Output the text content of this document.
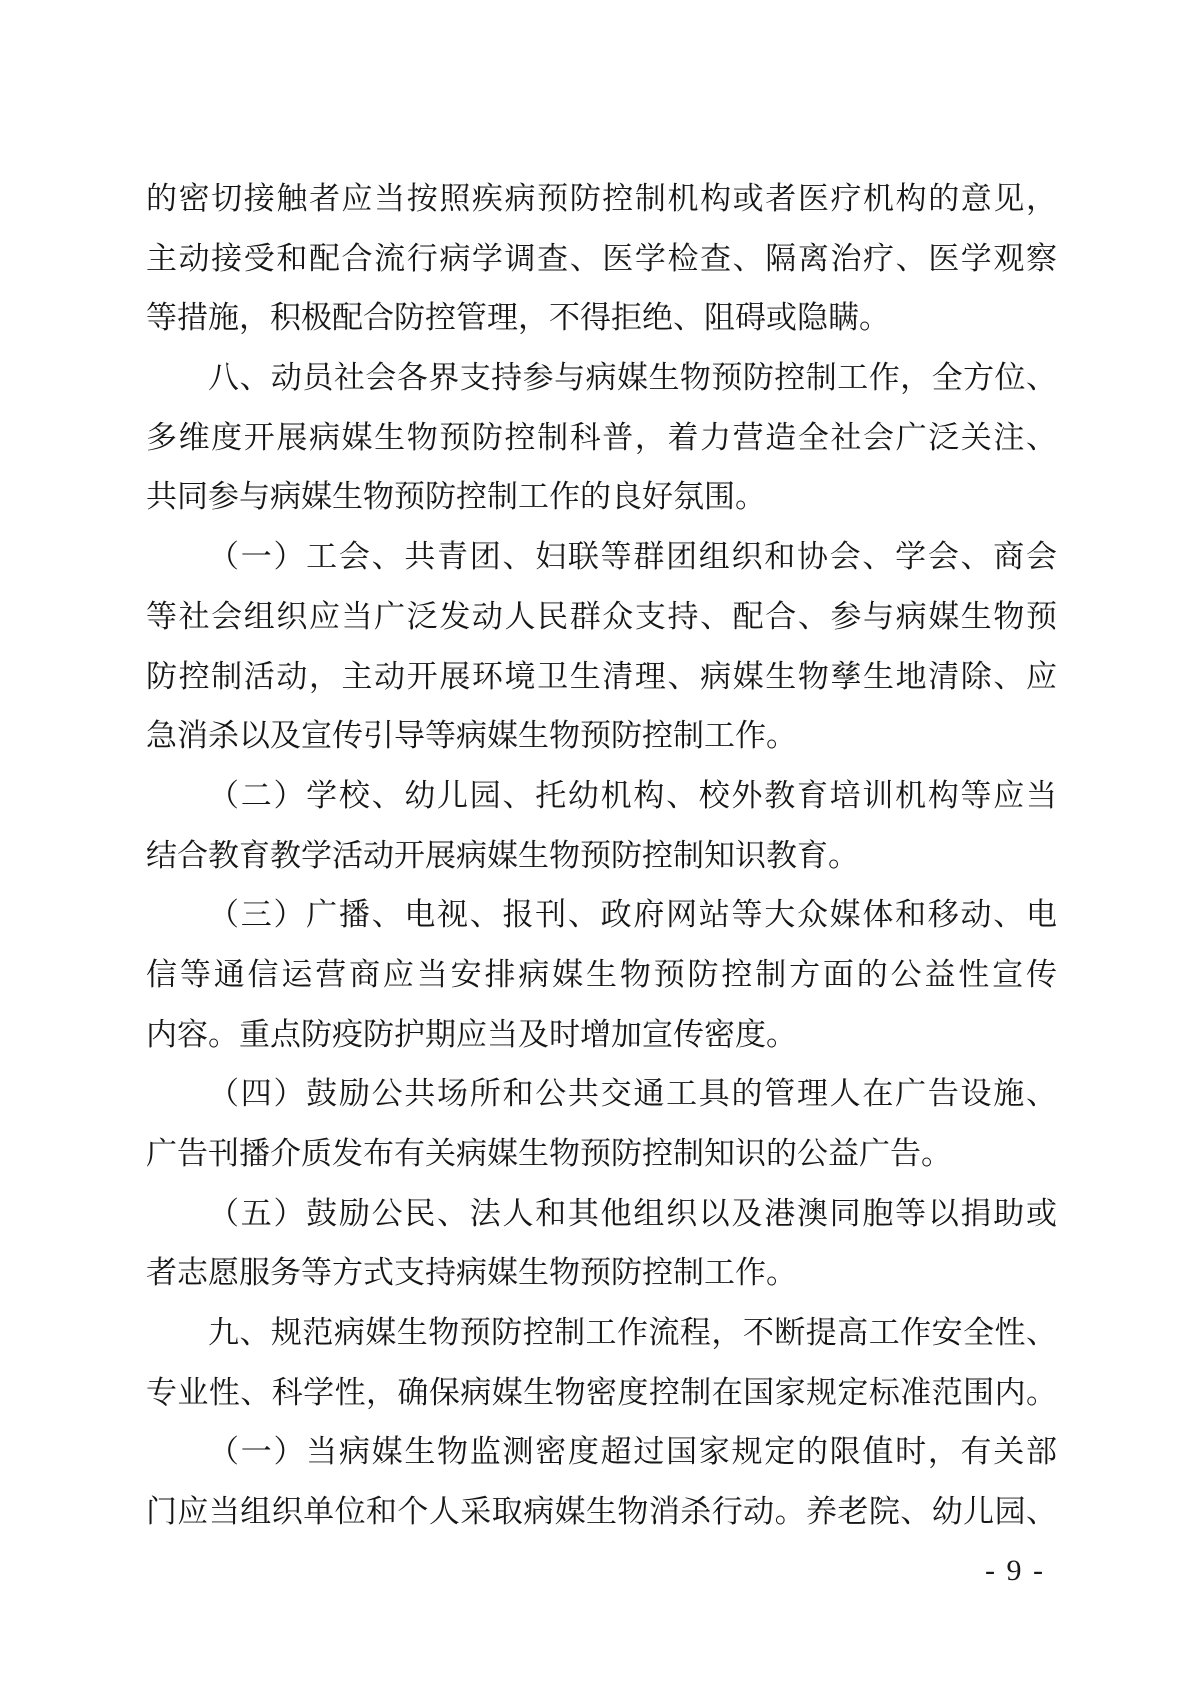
的密切接触者应当按照疾病预防控制机构或者医疗机构的意见，
主动接受和配合流行病学调查、医学检查、隔离治疗、医学观察
等措施，积极配合防控管理，不得拒绝、阻碍或隐瞒。
八、动员社会各界支持参与病媒生物预防控制工作，全方位、
多维度开展病媒生物预防控制科普，着力营造全社会广泛关注、
共同参与病媒生物预防控制工作的良好氛围。
（一）工会、共青团、妇联等群团组织和协会、学会、商会
等社会组织应当广泛发动人民群众支持、配合、参与病媒生物预
防控制活动，主动开展环境卫生清理、病媒生物孳生地清除、应
急消杀以及宣传引导等病媒生物预防控制工作。
（二）学校、幼儿园、托幼机构、校外教育培训机构等应当
结合教育教学活动开展病媒生物预防控制知识教育。
（三）广播、电视、报刊、政府网站等大众媒体和移动、电
信等通信运营商应当安排病媒生物预防控制方面的公益性宣传
内容。重点防疫防护期应当及时增加宣传密度。
（四）鼓励公共场所和公共交通工具的管理人在广告设施、
广告刊播介质发布有关病媒生物预防控制知识的公益广告。
（五）鼓励公民、法人和其他组织以及港澳同胞等以捐助或
者志愿服务等方式支持病媒生物预防控制工作。
九、规范病媒生物预防控制工作流程，不断提高工作安全性、
专业性、科学性，确保病媒生物密度控制在国家规定标准范围内。
（一）当病媒生物监测密度超过国家规定的限值时，有关部
门应当组织单位和个人采取病媒生物消杀行动。养老院、幼儿园、
- 9 -
